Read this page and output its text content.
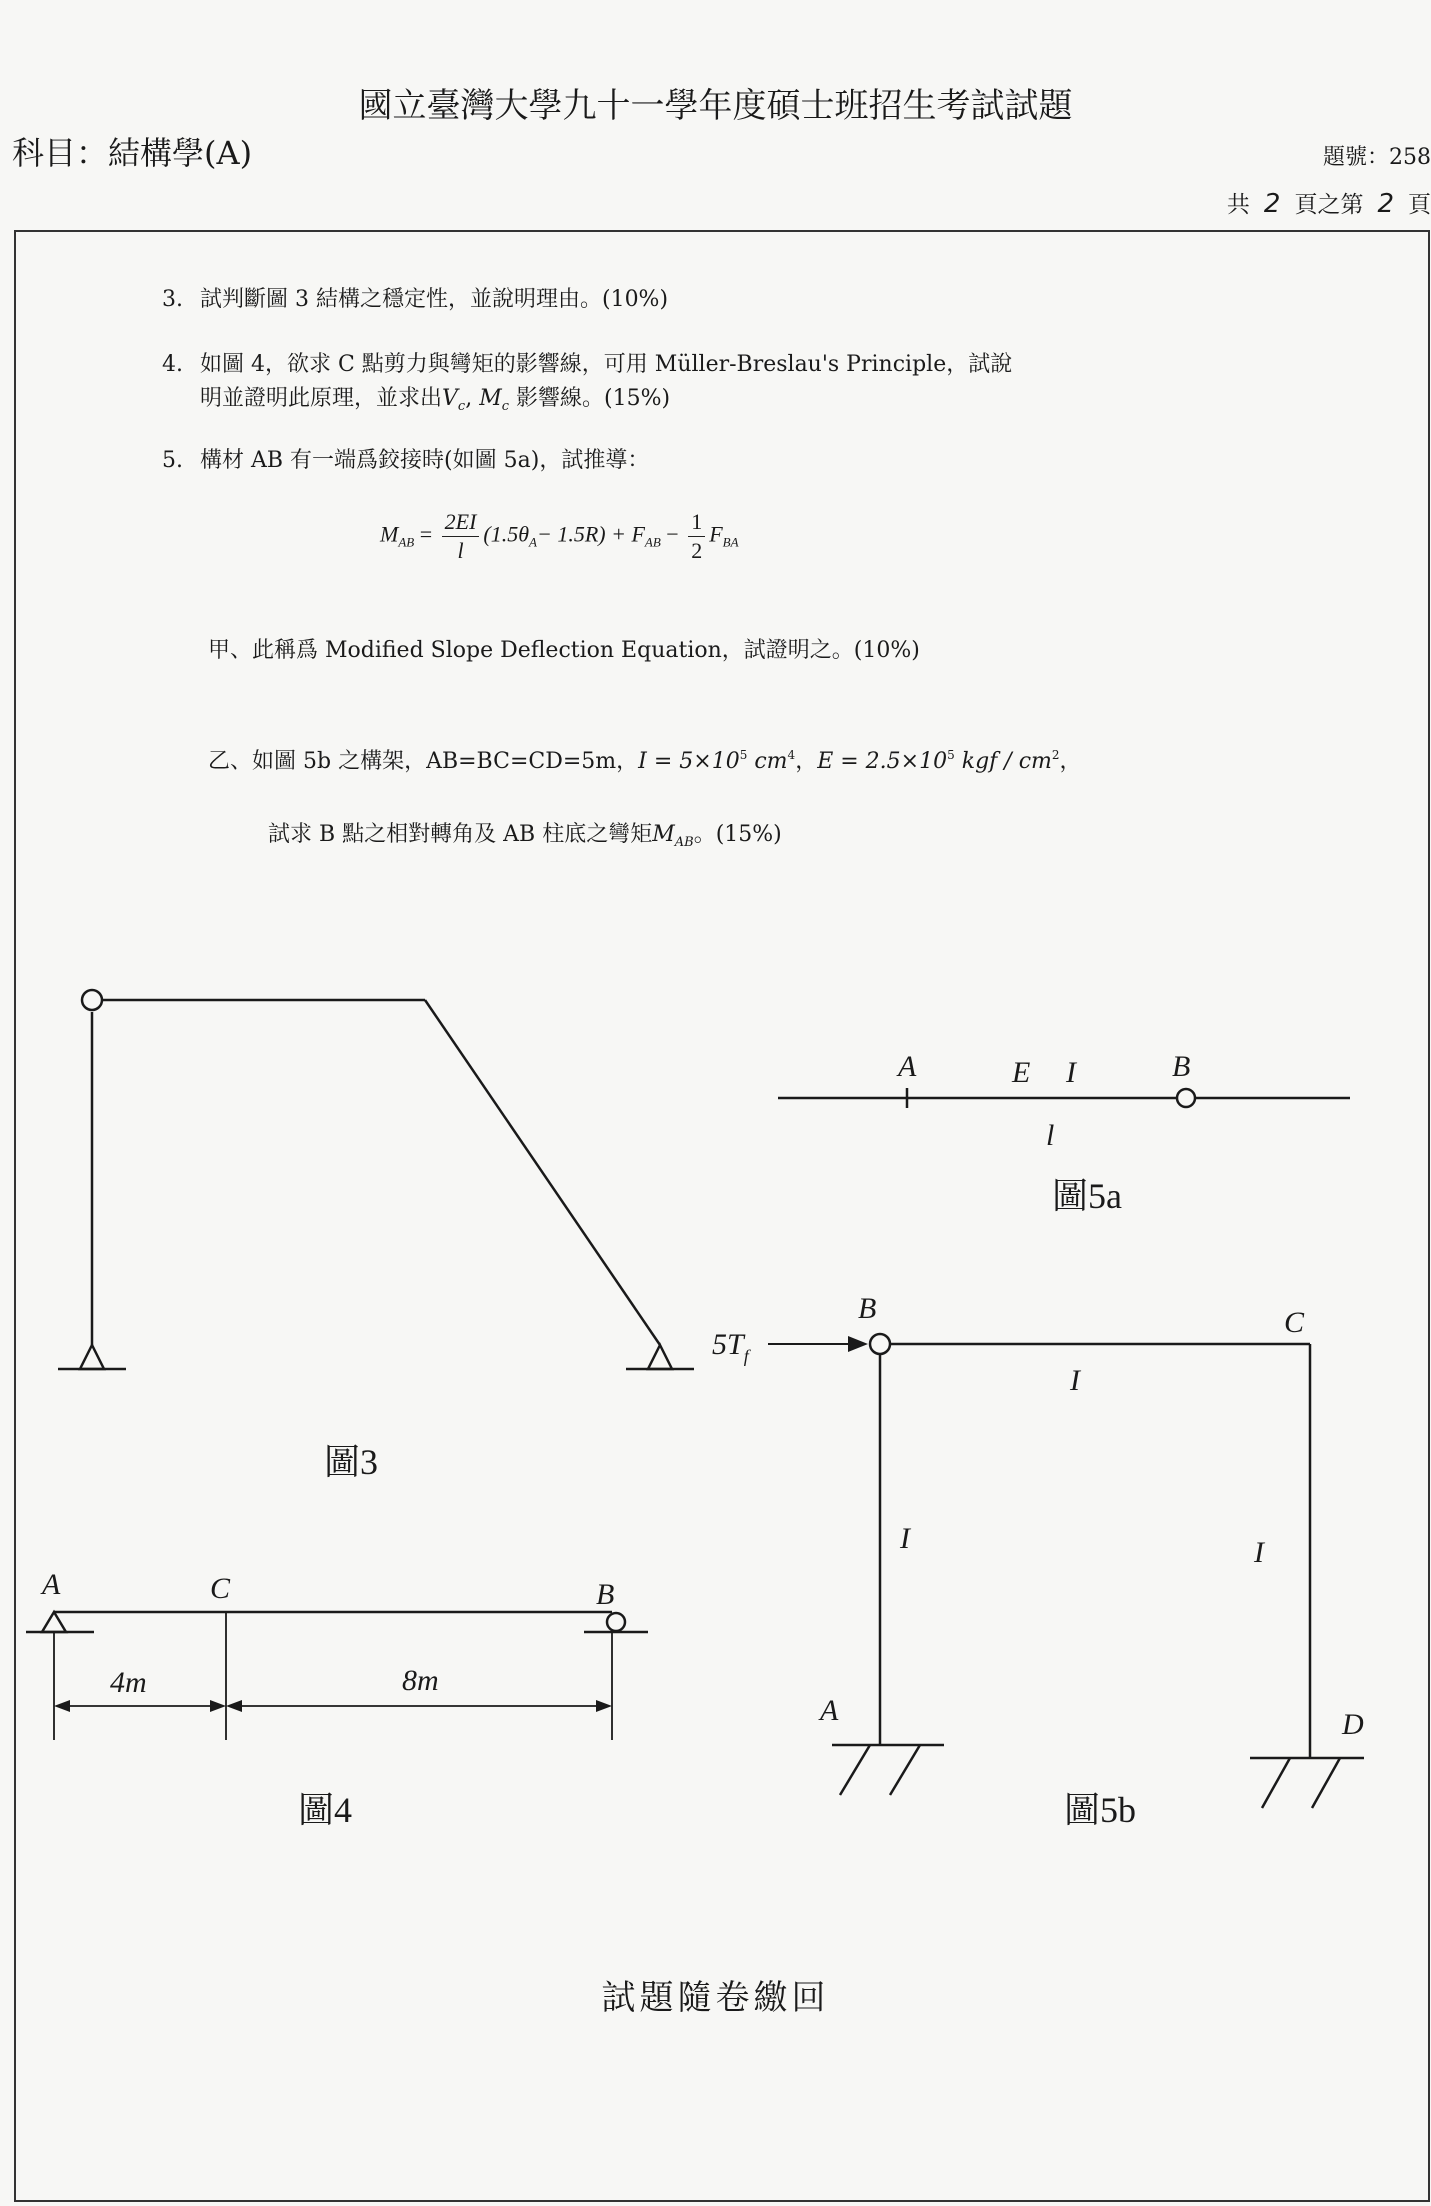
國立臺灣大學九十一學年度碩士班招生考試試題
科目：結構學(A)	題號：258
共 2 頁之第 2 頁
3. 試判斷圖 3 結構之穩定性，並說明理由。(10%)
4. 如圖 4，欲求 C 點剪力與彎矩的影響線，可用 Müller-Breslau's Principle，試說
明並證明此原理，並求出$V_c$, $M_c$ 影響線。(15%)
5. 構材 AB 有一端爲鉸接時(如圖 5a)，試推導：
$M_{AB} = \frac{2EI}{l} (1.5\theta_A- 1.5R) + F_{AB} - \frac{1}{2} F_{BA}$
甲、此稱爲 Modified Slope Deflection Equation，試證明之。(10%)
乙、如圖 5b 之構架，AB=BC=CD=5m，$I = 5\times 10^5$ $cm^4$，$E = 2.5\times 10^5$ kgf / $cm^2$，
試求 B 點之相對轉角及 AB 柱底之彎矩$M_{AB}$。(15%)
A	C	B
4m	8m
A	E I	B
l
B	C
A	D
I
I	I
$5T_f$
圖3
圖4
圖5a
圖5b
試題隨卷繳回
